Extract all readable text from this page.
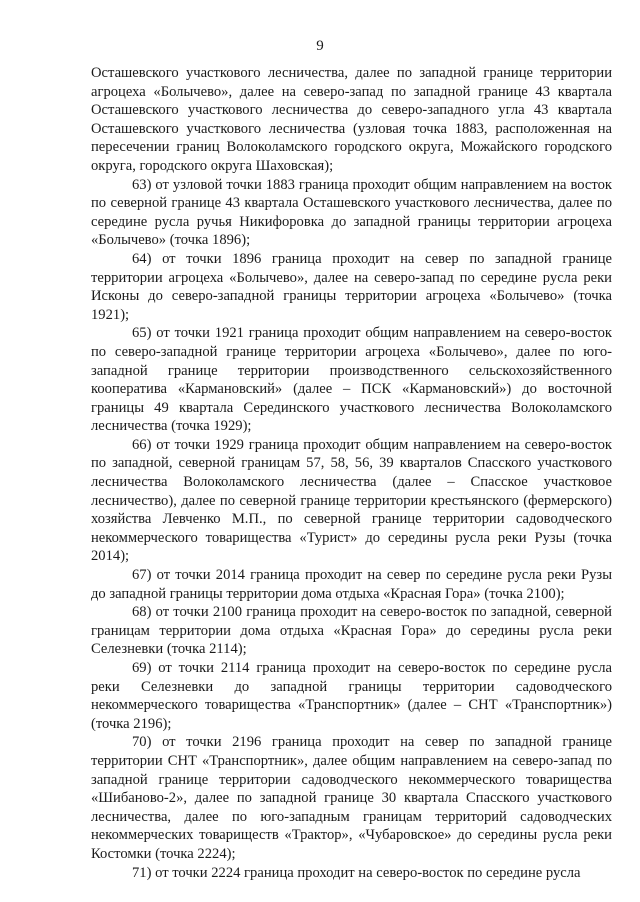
9

Осташевского участкового лесничества, далее по западной границе территории агроцеха «Болычево», далее на северо-запад по западной границе 43 квартала Осташевского участкового лесничества до северо-западного угла 43 квартала Осташевского участкового лесничества (узловая точка 1883, расположенная на пересечении границ Волоколамского городского округа, Можайского городского округа, городского округа Шаховская);

63) от узловой точки 1883 граница проходит общим направлением на восток по северной границе 43 квартала Осташевского участкового лесничества, далее по середине русла ручья Никифоровка до западной границы территории агроцеха «Болычево» (точка 1896);

64) от точки 1896 граница проходит на север по западной границе территории агроцеха «Болычево», далее на северо-запад по середине русла реки Исконы до северо-западной границы территории агроцеха «Болычево» (точка 1921);

65) от точки 1921 граница проходит общим направлением на северо-восток по северо-западной границе территории агроцеха «Болычево», далее по юго-западной границе территории производственного сельскохозяйственного кооператива «Кармановский» (далее – ПСК «Кармановский») до восточной границы 49 квартала Серединского участкового лесничества Волоколамского лесничества (точка 1929);

66) от точки 1929 граница проходит общим направлением на северо-восток по западной, северной границам 57, 58, 56, 39 кварталов Спасского участкового лесничества Волоколамского лесничества (далее – Спасское участковое лесничество), далее по северной границе территории крестьянского (фермерского) хозяйства Левченко М.П., по северной границе территории садоводческого некоммерческого товарищества «Турист» до середины русла реки Рузы (точка 2014);

67) от точки 2014 граница проходит на север по середине русла реки Рузы до западной границы территории дома отдыха «Красная Гора» (точка 2100);

68) от точки 2100 граница проходит на северо-восток по западной, северной границам территории дома отдыха «Красная Гора» до середины русла реки Селезневки (точка 2114);

69) от точки 2114 граница проходит на северо-восток по середине русла реки Селезневки до западной границы территории садоводческого некоммерческого товарищества «Транспортник» (далее – СНТ «Транспортник») (точка 2196);

70) от точки 2196 граница проходит на север по западной границе территории СНТ «Транспортник», далее общим направлением на северо-запад по западной границе территории садоводческого некоммерческого товарищества «Шибаново-2», далее по западной границе 30 квартала Спасского участкового лесничества, далее по юго-западным границам территорий садоводческих некоммерческих товариществ «Трактор», «Чубаровское» до середины русла реки Костомки (точка 2224);

71) от точки 2224 граница проходит на северо-восток по середине русла
